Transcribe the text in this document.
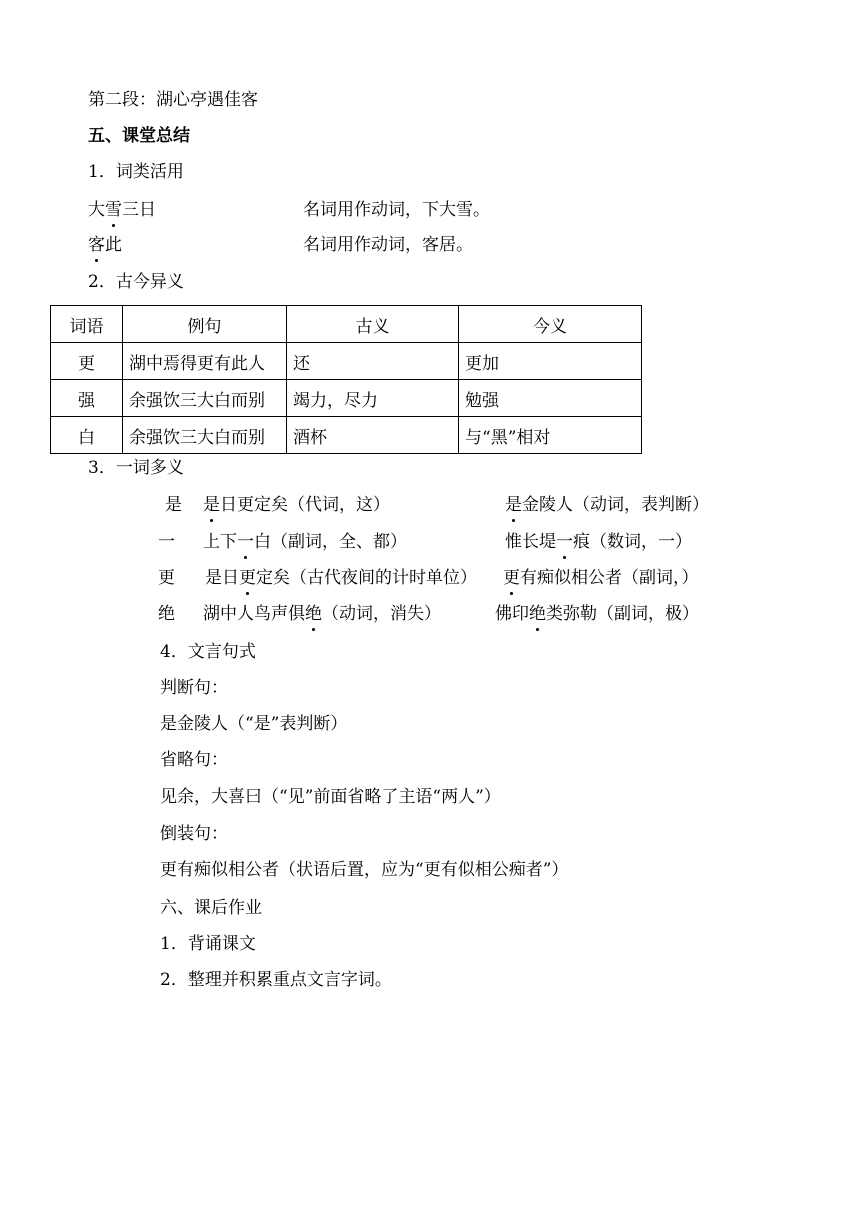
第二段：湖心亭遇佳客
五、课堂总结
1．词类活用
大雪三日	名词用作动词，下大雪。
客此	名词用作动词，客居。
2．古今异义
词语	例句	古义	今义
更	湖中焉得更有此人	还	更加
强	余强饮三大白而别	竭力，尽力	勉强
白	余强饮三大白而别	酒杯	与“黑”相对
3．一词多义
是 是日更定矣（代词，这）	是金陵人（动词，表判断）
一 上下一白（副词，全、都）	惟长堤一痕（数词，一）
更 是日更定矣（古代夜间的计时单位） 更有痴似相公者（副词，）
绝 湖中人鸟声俱绝（动词，消失）	佛印绝类弥勒（副词，极）
4．文言句式
判断句：
是金陵人（“是”表判断）
省略句：
见余，大喜曰（“见”前面省略了主语“两人”）
倒装句：
更有痴似相公者（状语后置，应为“更有似相公痴者”）
六、课后作业
1．背诵课文
2．整理并积累重点文言字词。
